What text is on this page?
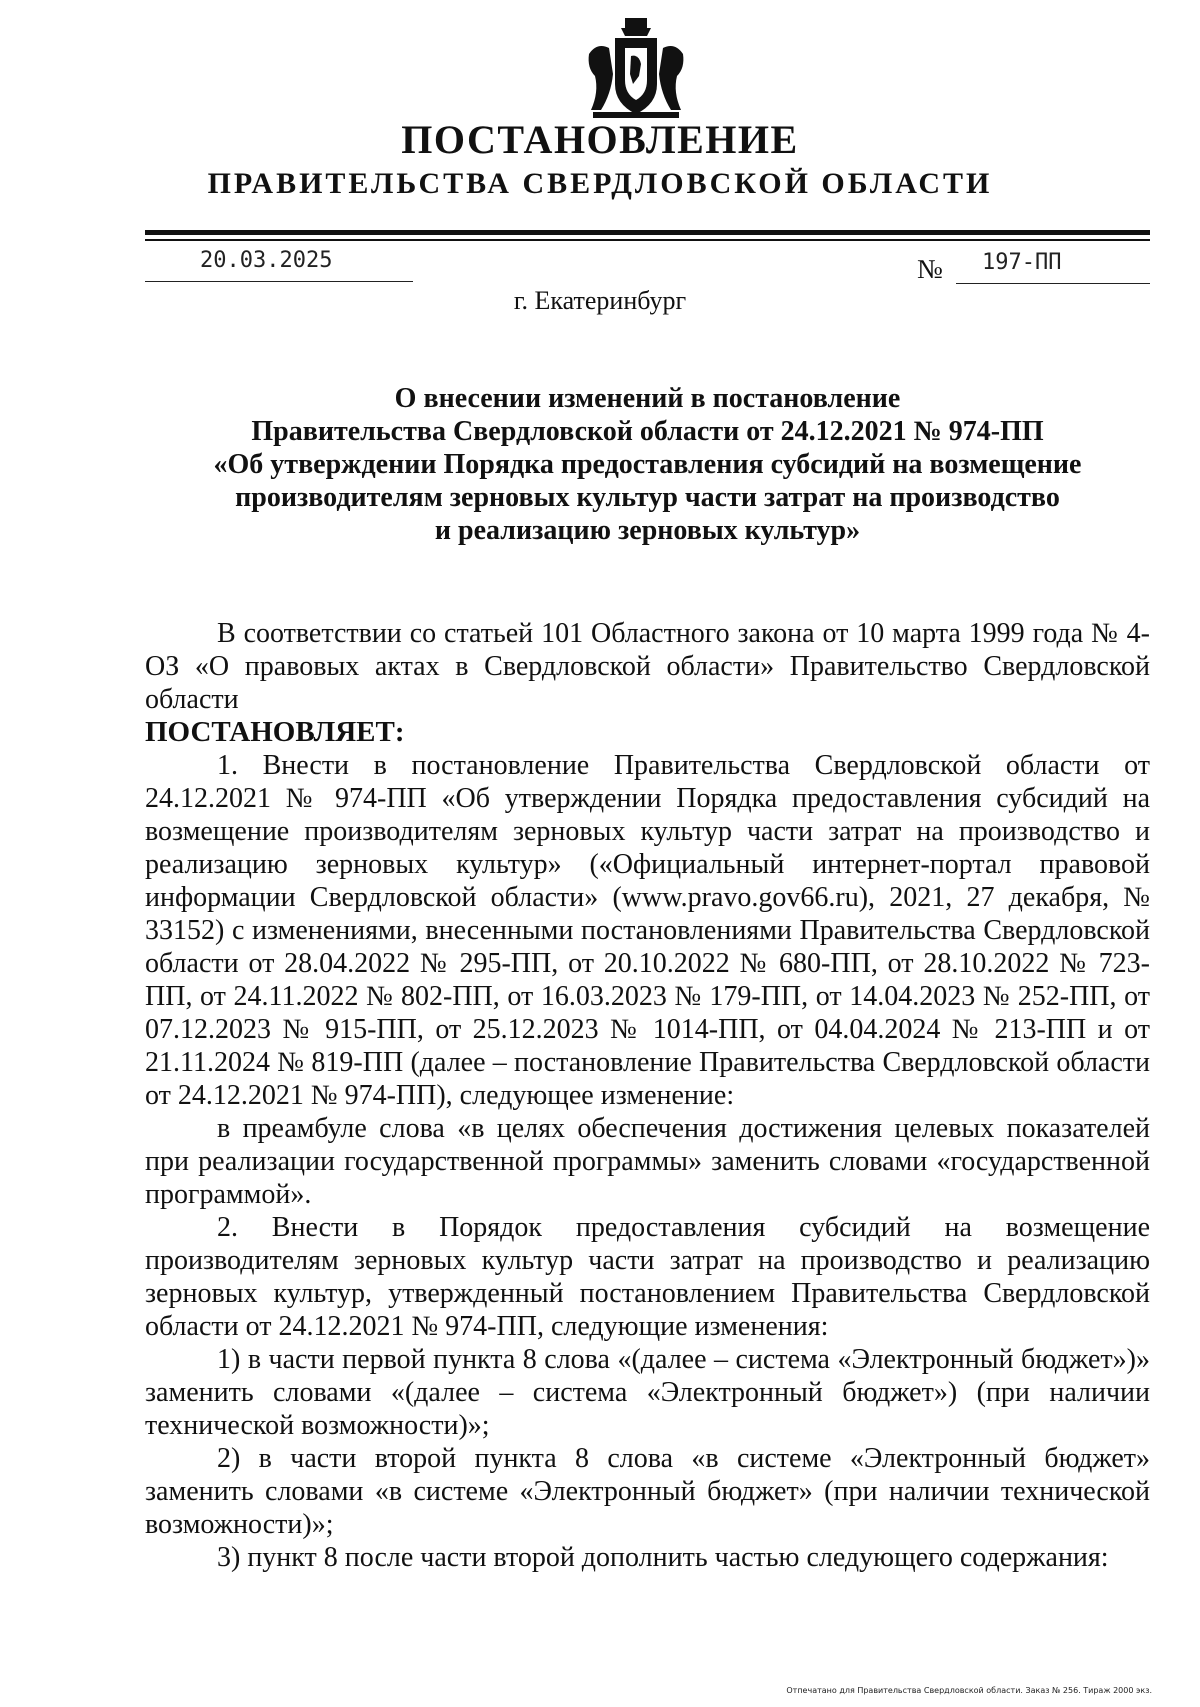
ПОСТАНОВЛЕНИЕ
ПРАВИТЕЛЬСТВА СВЕРДЛОВСКОЙ ОБЛАСТИ
20.03.2025	№ 197-ПП
г. Екатеринбург
О внесении изменений в постановление
Правительства Свердловской области от 24.12.2021 № 974-ПП
«Об утверждении Порядка предоставления субсидий на возмещение
производителям зерновых культур части затрат на производство
и реализацию зерновых культур»

В соответствии со статьей 101 Областного закона от 10 марта 1999 года № 4-ОЗ «О правовых актах в Свердловской области» Правительство Свердловской области

ПОСТАНОВЛЯЕТ:

1. Внести в постановление Правительства Свердловской области от 24.12.2021 № 974-ПП «Об утверждении Порядка предоставления субсидий на возмещение производителям зерновых культур части затрат на производство и реализацию зерновых культур» («Официальный интернет-портал правовой информации Свердловской области» (www.pravo.gov66.ru), 2021, 27 декабря, № 33152) с изменениями, внесенными постановлениями Правительства Свердловской области от 28.04.2022 № 295-ПП, от 20.10.2022 № 680-ПП, от 28.10.2022 № 723-ПП, от 24.11.2022 № 802-ПП, от 16.03.2023 № 179-ПП, от 14.04.2023 № 252-ПП, от 07.12.2023 № 915-ПП, от 25.12.2023 № 1014-ПП, от 04.04.2024 № 213-ПП и от 21.11.2024 № 819-ПП (далее – постановление Правительства Свердловской области от 24.12.2021 № 974-ПП), следующее изменение:

в преамбуле слова «в целях обеспечения достижения целевых показателей при реализации государственной программы» заменить словами «государственной программой».

2. Внести в Порядок предоставления субсидий на возмещение производителям зерновых культур части затрат на производство и реализацию зерновых культур, утвержденный постановлением Правительства Свердловской области от 24.12.2021 № 974-ПП, следующие изменения:

1) в части первой пункта 8 слова «(далее – система «Электронный бюджет»)» заменить словами «(далее – система «Электронный бюджет») (при наличии технической возможности)»;

2) в части второй пункта 8 слова «в системе «Электронный бюджет» заменить словами «в системе «Электронный бюджет» (при наличии технической возможности)»;

3) пункт 8 после части второй дополнить частью следующего содержания:

Отпечатано для Правительства Свердловской области. Заказ № 256. Тираж 2000 экз.
